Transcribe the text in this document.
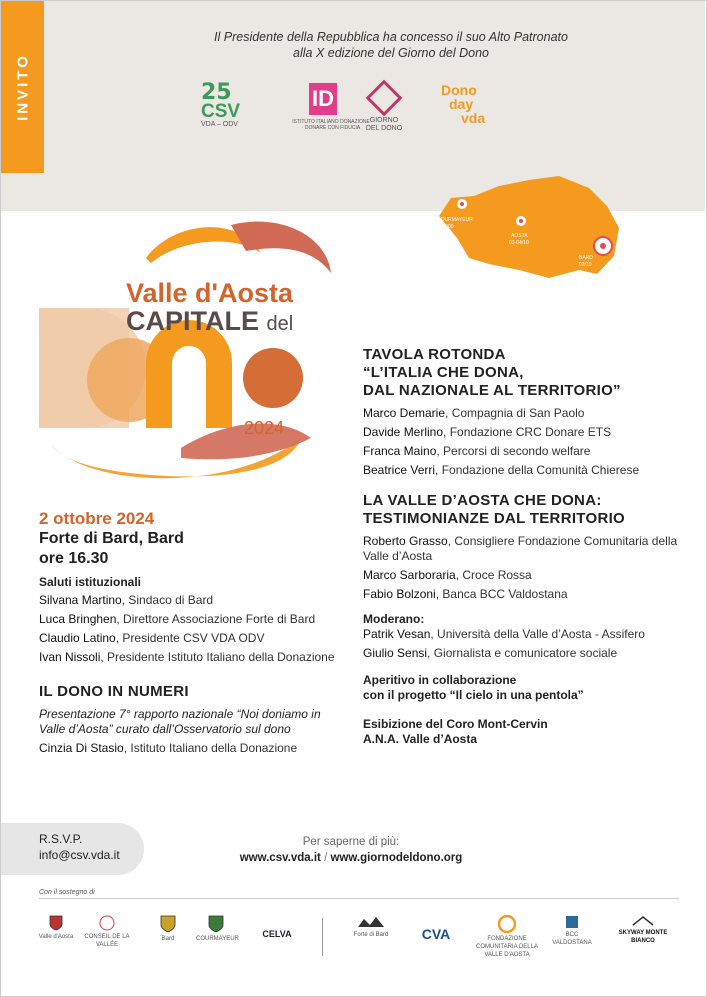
INVITO
Il Presidente della Repubblica ha concesso il suo Alto Patronato
alla X edizione del Giorno del Dono
25
CSV
VDA – ODV
ID
ISTITUTO ITALIANO DONAZIONE · DONARE CON FIDUCIA
GIORNO
DEL DONO
Dono
day
vda
COURMAYEUR
29/09
AOSTA
03-04/10
BARD
02/10
Valle d'Aosta
CAPITALE del
2024
2 ottobre 2024
Forte di Bard, Bard
ore 16.30
Saluti istituzionali
Silvana Martino, Sindaco di Bard
Luca Bringhen, Direttore Associazione Forte di Bard
Claudio Latino, Presidente CSV VDA ODV
Ivan Nissoli, Presidente Istituto Italiano della Donazione
IL DONO IN NUMERI
Presentazione 7° rapporto nazionale “Noi doniamo in Valle d’Aosta” curato dall’Osservatorio sul dono
Cinzia Di Stasio, Istituto Italiano della Donazione
TAVOLA ROTONDA
“L’ITALIA CHE DONA,
DAL NAZIONALE AL TERRITORIO”
Marco Demarie, Compagnia di San Paolo
Davide Merlino, Fondazione CRC Donare ETS
Franca Maino, Percorsi di secondo welfare
Beatrice Verri, Fondazione della Comunità Chierese
LA VALLE D’AOSTA CHE DONA:
TESTIMONIANZE DAL TERRITORIO
Roberto Grasso, Consigliere Fondazione Comunitaria della Valle d’Aosta
Marco Sarboraria, Croce Rossa
Fabio Bolzoni, Banca BCC Valdostana
Moderano:
Patrik Vesan, Università della Valle d’Aosta - Assifero
Giulio Sensi, Giornalista e comunicatore sociale
Aperitivo in collaborazione
con il progetto “Il cielo in una pentola”
Esibizione del Coro Mont-Cervin
A.N.A. Valle d’Aosta
R.S.V.P.
info@csv.vda.it
Per saperne di più:
www.csv.vda.it / www.giornodeldono.org
Con il sostegno di
Valle d'Aosta	CONSEIL DE LA VALLÉE
Bard	COURMAYEUR	CELVA	Forte di Bard	CVA	FONDAZIONE COMUNITARIA DELLA VALLE D'AOSTA
BCC VALDOSTANA
SKYWAY MONTE BIANCO
